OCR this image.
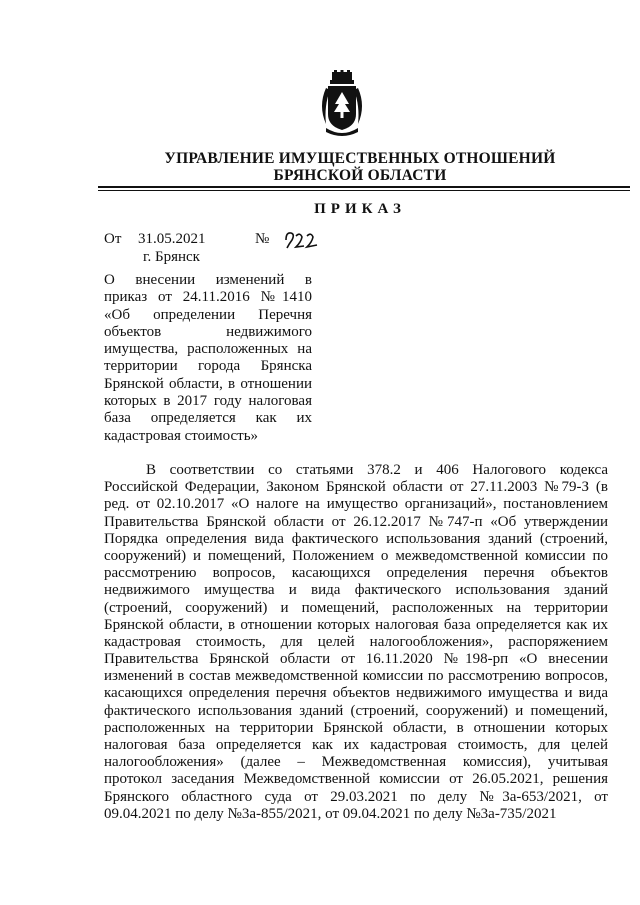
УПРАВЛЕНИЕ ИМУЩЕСТВЕННЫХ ОТНОШЕНИЙ
БРЯНСКОЙ ОБЛАСТИ
ПРИКАЗ
От 31.05.2021	№
г. Брянск
О внесении изменений в
приказ от 24.11.2016 №1410
«Об определении Перечня
объектов недвижимого
имущества, расположенных на
территории города Брянска
Брянской области, в отношении
которых в 2017 году налоговая
база определяется как их
кадастровая стоимость»
В соответствии со статьями 378.2 и 406 Налогового кодекса
Российской Федерации, Законом Брянской области от 27.11.2003 №79-З (в
ред. от 02.10.2017 «О налоге на имущество организаций», постановлением
Правительства Брянской области от 26.12.2017 №747-п «Об утверждении
Порядка определения вида фактического использования зданий (строений,
сооружений) и помещений, Положением о межведомственной комиссии по
рассмотрению вопросов, касающихся определения перечня объектов
недвижимого имущества и вида фактического использования зданий
(строений, сооружений) и помещений, расположенных на территории
Брянской области, в отношении которых налоговая база определяется как их
кадастровая стоимость, для целей налогообложения», распоряжением
Правительства Брянской области от 16.11.2020 №198-рп «О внесении
изменений в состав межведомственной комиссии по рассмотрению вопросов,
касающихся определения перечня объектов недвижимого имущества и вида
фактического использования зданий (строений, сооружений) и помещений,
расположенных на территории Брянской области, в отношении которых
налоговая база определяется как их кадастровая стоимость, для целей
налогообложения» (далее – Межведомственная комиссия), учитывая
протокол заседания Межведомственной комиссии от 26.05.2021, решения
Брянского областного суда от 29.03.2021 по делу №3а-653/2021, от
09.04.2021 по делу №3а-855/2021, от 09.04.2021 по делу №3а-735/2021
